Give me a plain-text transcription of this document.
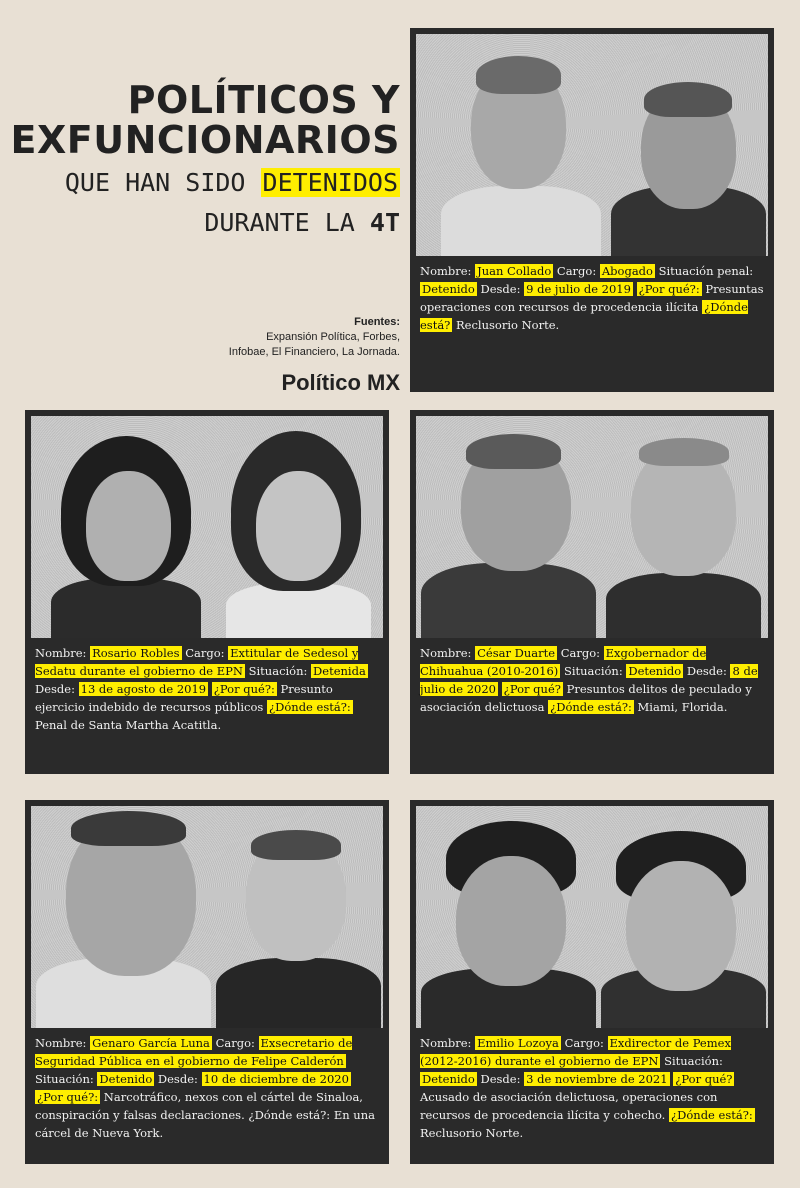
POLÍTICOS Y
EXFUNCIONARIOS
QUE HAN SIDO DETENIDOS
DURANTE LA 4T
Fuentes:
Expansión Política, Forbes,
Infobae, El Financiero, La Jornada.
Político MX
Nombre: Juan Collado Cargo: Abogado Situación penal: Detenido Desde: 9 de julio de 2019 ¿Por qué?: Presuntas operaciones con recursos de procedencia ilícita ¿Dónde está? Reclusorio Norte.
Nombre: Rosario Robles Cargo: Extitular de Sedesol y Sedatu durante el gobierno de EPN Situación: Detenida Desde: 13 de agosto de 2019 ¿Por qué?: Presunto ejercicio indebido de recursos públicos ¿Dónde está?: Penal de Santa Martha Acatitla.
Nombre: César Duarte Cargo: Exgobernador de Chihuahua (2010-2016) Situación: Detenido Desde: 8 de julio de 2020 ¿Por qué? Presuntos delitos de peculado y asociación delictuosa ¿Dónde está?: Miami, Florida.
Nombre: Genaro García Luna Cargo: Exsecretario de Seguridad Pública en el gobierno de Felipe Calderón Situación: Detenido Desde: 10 de diciembre de 2020 ¿Por qué?: Narcotráfico, nexos con el cártel de Sinaloa, conspiración y falsas declaraciones. ¿Dónde está?: En una cárcel de Nueva York.
Nombre: Emilio Lozoya Cargo: Exdirector de Pemex (2012-2016) durante el gobierno de EPN Situación: Detenido Desde: 3 de noviembre de 2021 ¿Por qué? Acusado de asociación delictuosa, operaciones con recursos de procedencia ilícita y cohecho. ¿Dónde está?: Reclusorio Norte.
